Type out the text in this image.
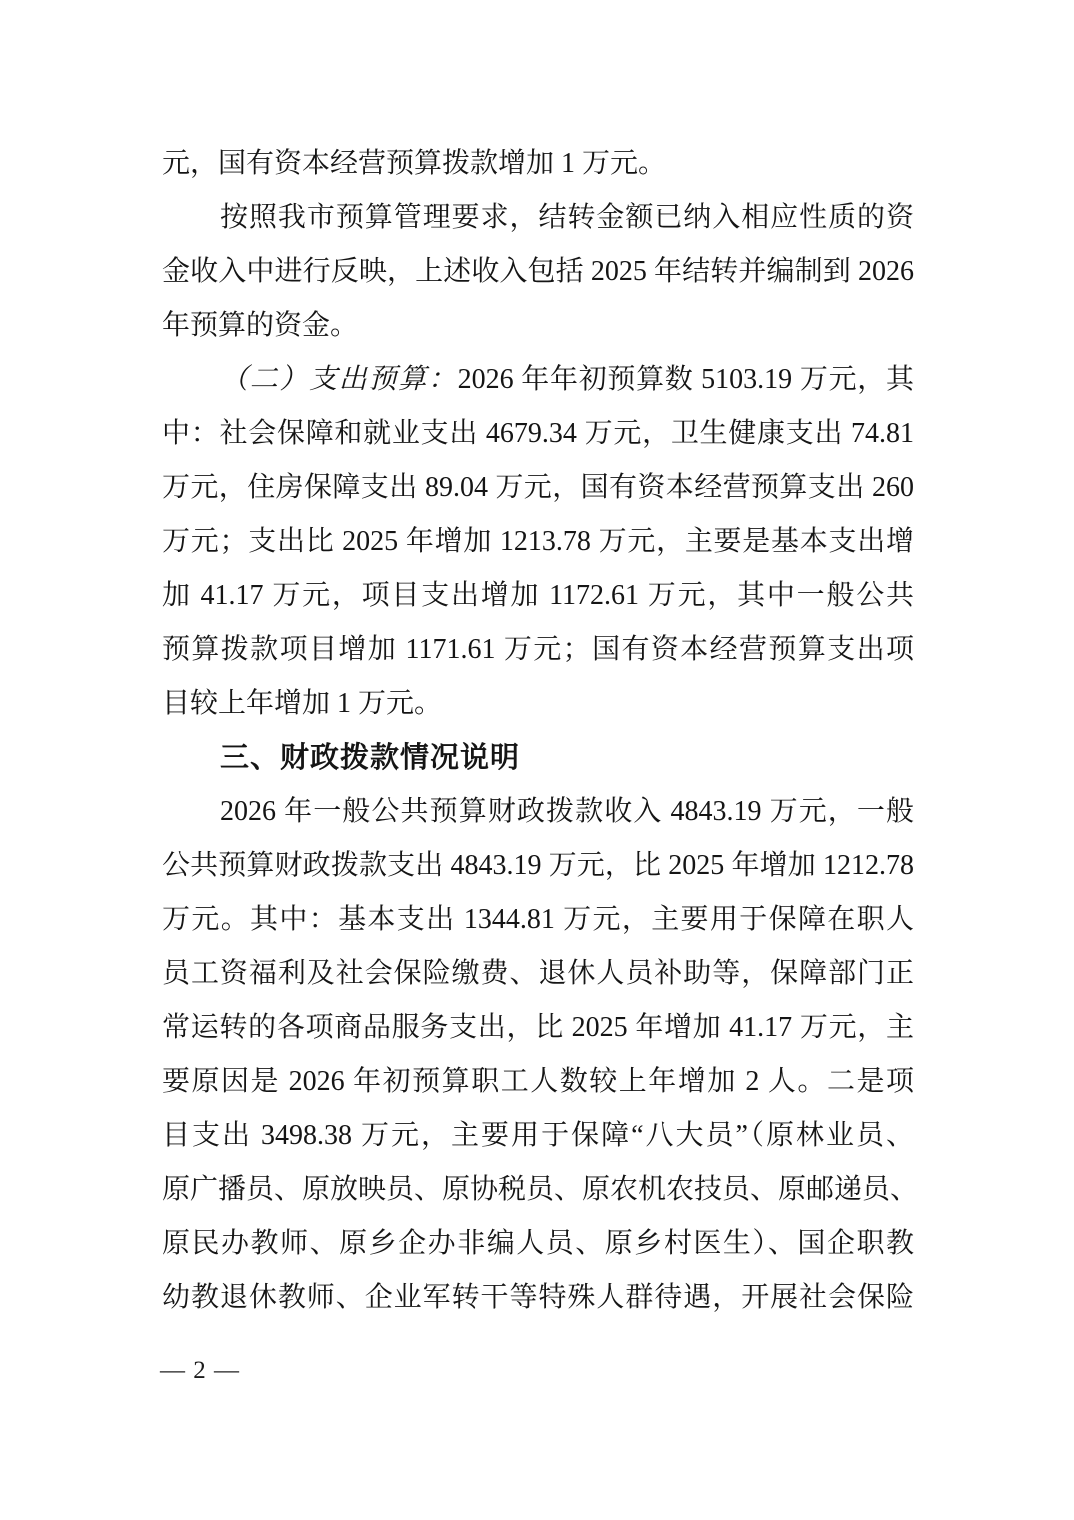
元，国有资本经营预算拨款增加 1 万元。
按照我市预算管理要求，结转金额已纳入相应性质的资
金收入中进行反映，上述收入包括 2025 年结转并编制到 2026
年预算的资金。
（二）支出预算：2026 年年初预算数 5103.19 万元，其
中：社会保障和就业支出 4679.34 万元，卫生健康支出 74.81
万元，住房保障支出 89.04 万元，国有资本经营预算支出 260
万元；支出比 2025 年增加 1213.78 万元，主要是基本支出增
加 41.17 万元，项目支出增加 1172.61 万元，其中一般公共
预算拨款项目增加 1171.61 万元；国有资本经营预算支出项
目较上年增加 1 万元。
三、财政拨款情况说明
2026 年一般公共预算财政拨款收入 4843.19 万元，一般
公共预算财政拨款支出 4843.19 万元，比 2025 年增加 1212.78
万元。其中：基本支出 1344.81 万元，主要用于保障在职人
员工资福利及社会保险缴费、退休人员补助等，保障部门正
常运转的各项商品服务支出，比 2025 年增加 41.17 万元，主
要原因是 2026 年初预算职工人数较上年增加 2 人。二是项
目支出 3498.38 万元，主要用于保障“八大员”（原林业员、
原广播员、原放映员、原协税员、原农机农技员、原邮递员、
原民办教师、原乡企办非编人员、原乡村医生）、国企职教
幼教退休教师、企业军转干等特殊人群待遇，开展社会保险
— 2 —
